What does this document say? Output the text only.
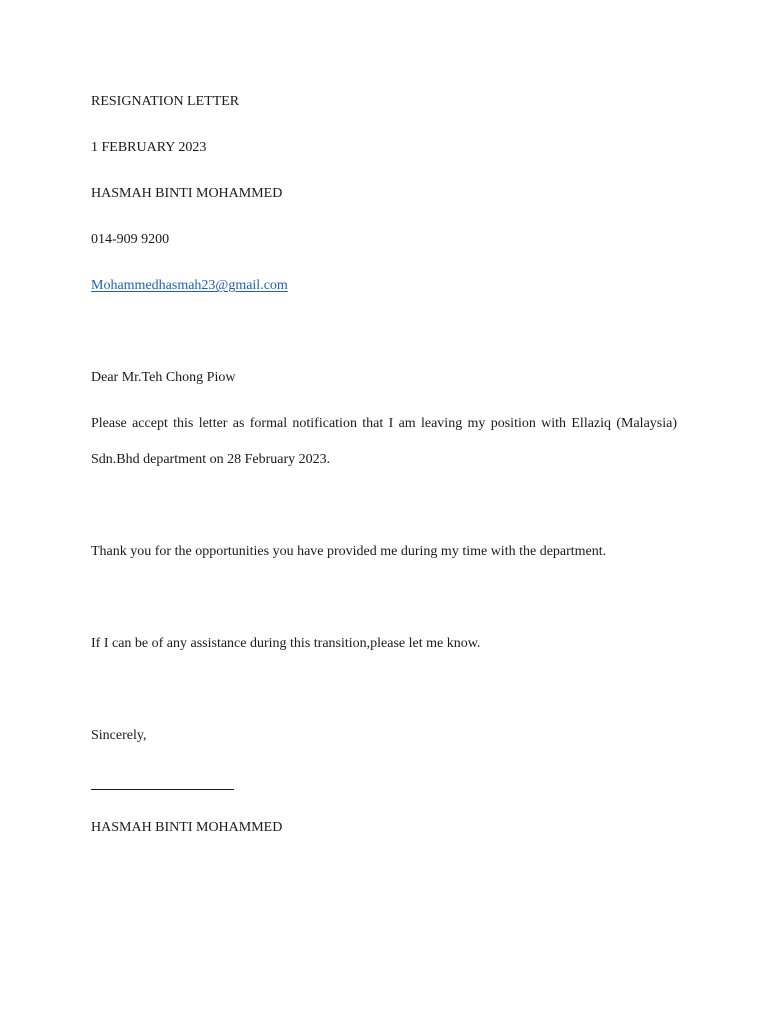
RESIGNATION LETTER
1 FEBRUARY 2023
HASMAH BINTI MOHAMMED
014-909 9200
Mohammedhasmah23@gmail.com
Dear Mr.Teh Chong Piow
Please accept this letter as formal notification that I am leaving my position with Ellaziq (Malaysia) Sdn.Bhd department on 28 February 2023.
Thank you for the opportunities you have provided me during my time with the department.
If I can be of any assistance during this transition,please let me know.
Sincerely,
HASMAH BINTI MOHAMMED
